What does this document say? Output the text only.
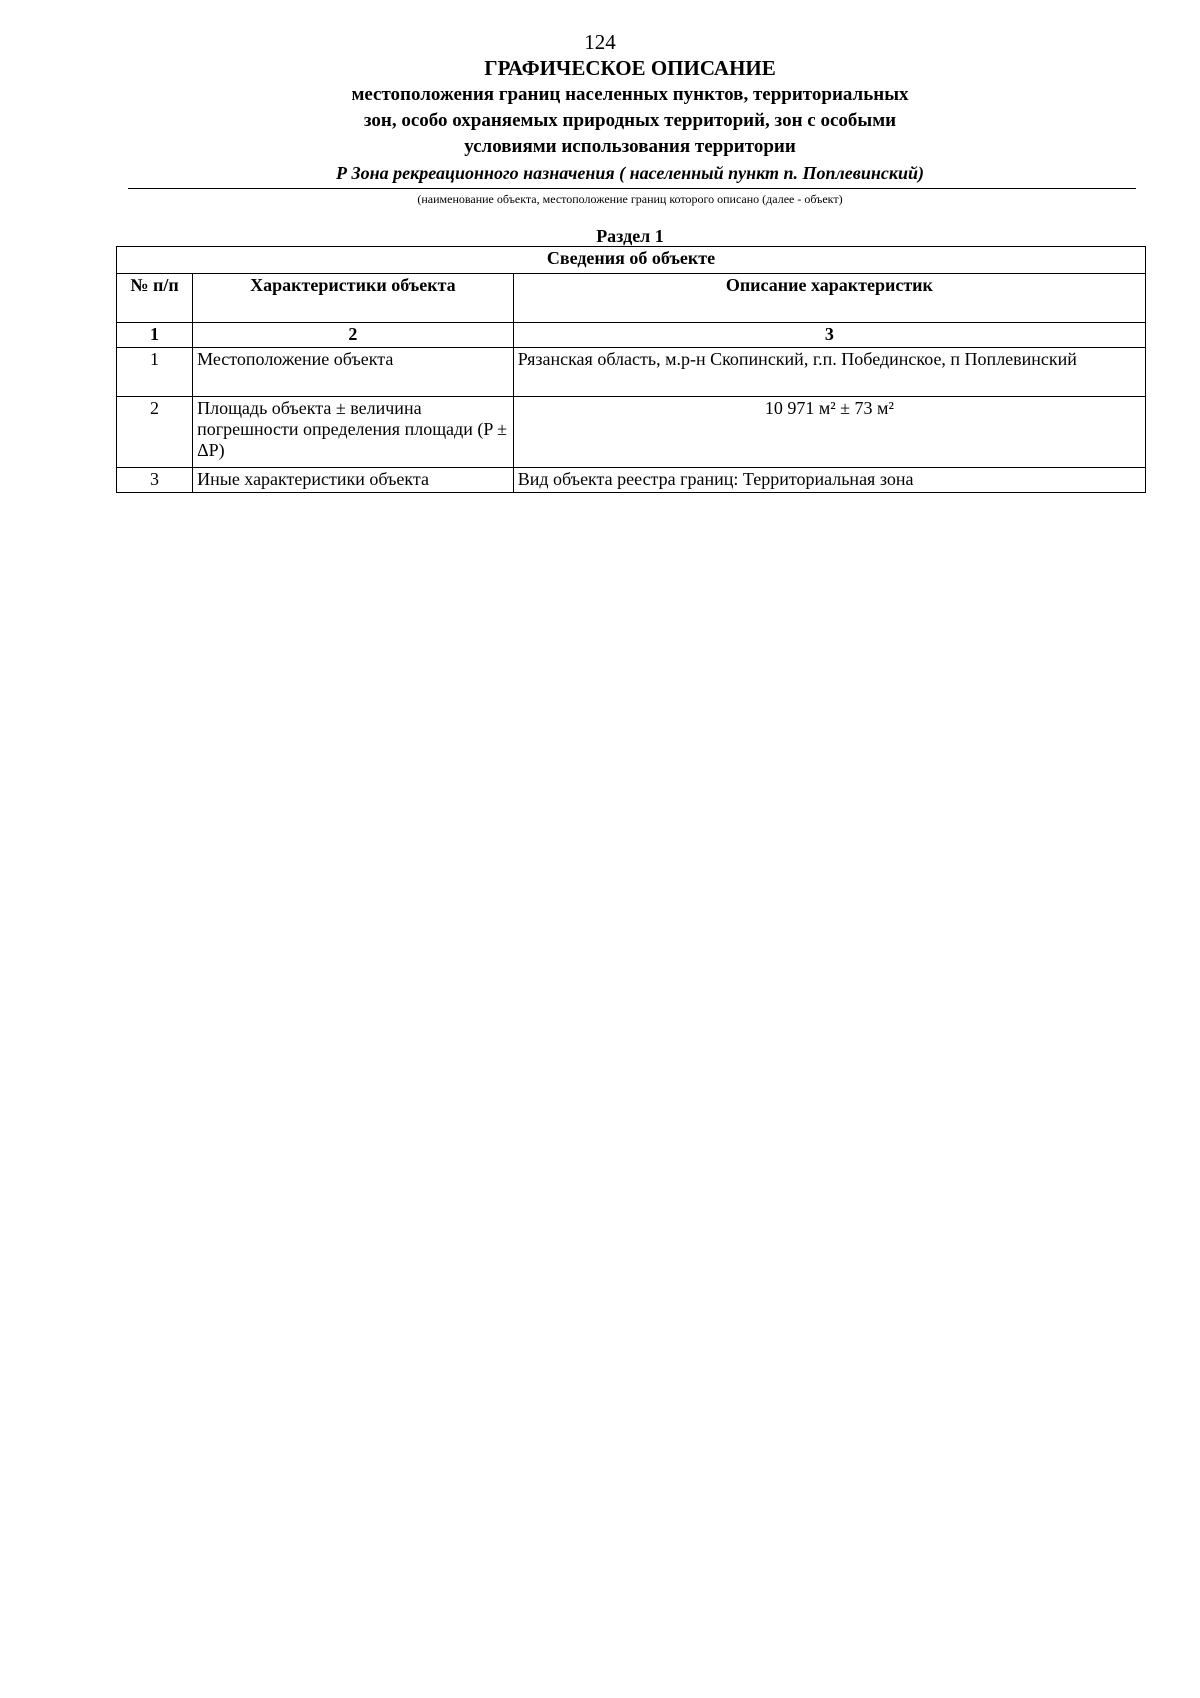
124
ГРАФИЧЕСКОЕ ОПИСАНИЕ
местоположения границ населенных пунктов, территориальных
зон, особо охраняемых природных территорий, зон с особыми
условиями использования территории
Р Зона рекреационного назначения ( населенный пункт п. Поплевинский)
(наименование объекта, местоположение границ которого описано (далее - объект)
Раздел 1
Сведения об объекте		
№ п/п	Характеристики объекта	Описание характеристик
1	2	3
1	Местоположение объекта	Рязанская область, м.р-н Скопинский, г.п. Побединское, п Поплевинский
2	Площадь объекта ± величина погрешности определения площади (P ± ΔР)	10 971 м² ± 73 м²
3	Иные характеристики объекта	Вид объекта реестра границ: Территориальная зона
